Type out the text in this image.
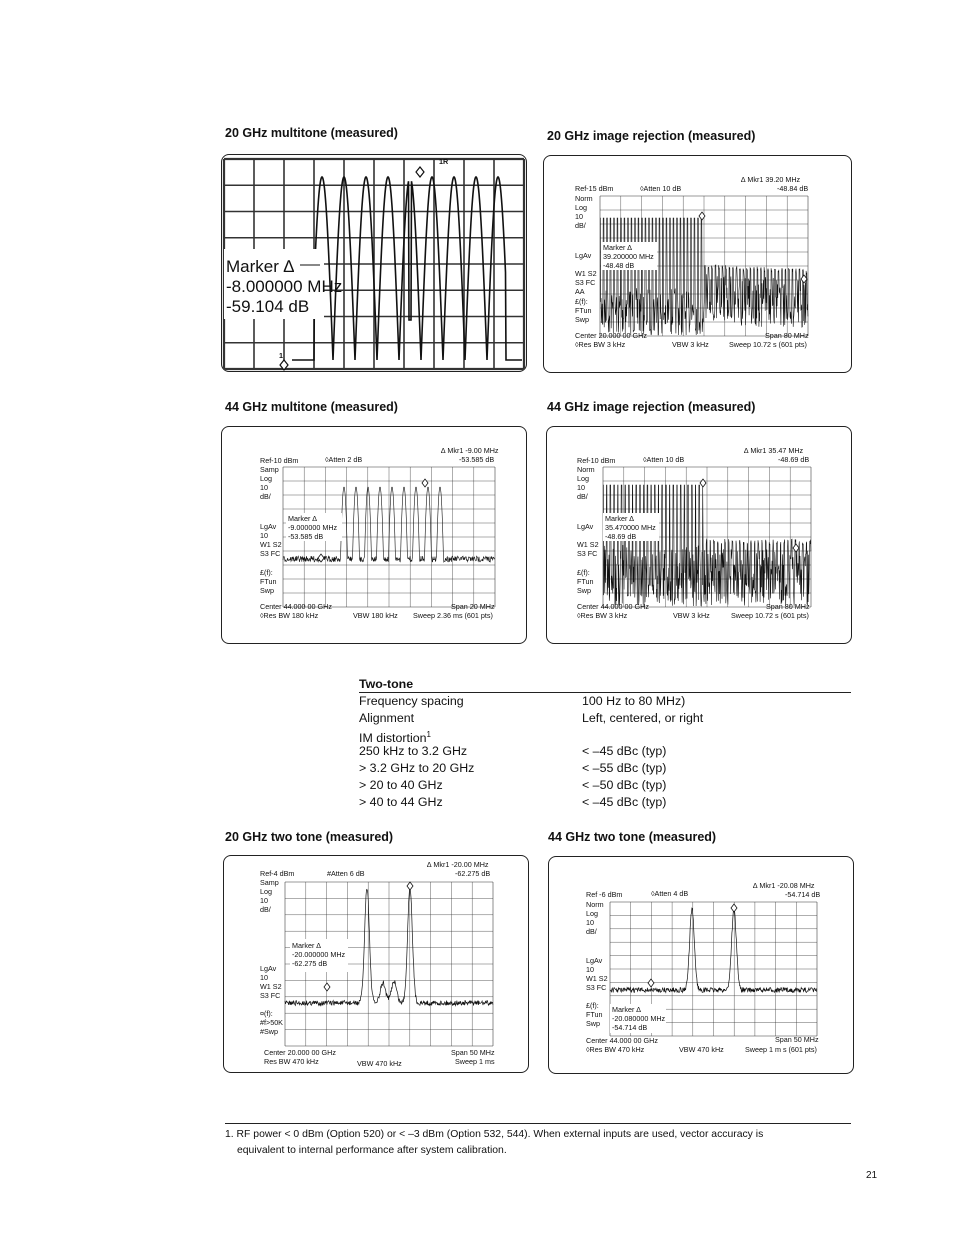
20 GHz multitone (measured)	20 GHz image rejection (measured)
44 GHz multitone (measured)	44 GHz image rejection (measured)
20 GHz two tone (measured)	44 GHz two tone (measured)
Marker ∆
-8.000000 MHz
-59.104 dB
1R
1
∆ Mkr1 39.20 MHz
-48.84 dB
Ref-15 dBm	◊Atten 10 dB
Norm
Log
10
dB/
LgAv
W1 S2
S3 FC
AA
£(f):
FTun
Swp
Marker ∆
39.200000 MHz
-48.48 dB
Center 20.000 00 GHz	Span 80 MHz
◊Res BW 3 kHz	VBW 3 kHz	Sweep 10.72 s (601 pts)
∆ Mkr1 -9.00 MHz
-53.585 dB
Ref-10 dBm	◊Atten 2 dB
Samp
Log
10
dB/
LgAv
10
W1 S2
S3 FC
£(f):
FTun
Swp
Marker ∆
-9.000000 MHz
-53.585 dB
Center 44.000 00 GHz	Span 20 MHz
◊Res BW 180 kHz	VBW 180 kHz Sweep 2.36 ms (601 pts)
∆ Mkr1 35.47 MHz
-48.69 dB
Ref-10 dBm	◊Atten 10 dB
Norm
Log
10
dB/
LgAv
W1 S2
S3 FC
£(f):
FTun
Swp
Marker ∆
35.470000 MHz
-48.69 dB
Center 44.000 00 GHz	Span 80 MHz
◊Res BW 3 kHz	VBW 3 kHz	Sweep 10.72 s (601 pts)
Two-tone
Frequency spacing	100 Hz to 80 MHz)
Alignment	Left, centered, or right
IM distortion$^1$
250 kHz to 3.2 GHz	< –45 dBc (typ)
> 3.2 GHz to 20 GHz	< –55 dBc (typ)
> 20 to 40 GHz	< –50 dBc (typ)
> 40 to 44 GHz	< –45 dBc (typ)
∆ Mkr1 -20.00 MHz
-62.275 dB
Ref-4 dBm	#Atten 6 dB
Samp
Log
10
dB/
LgAv
10
W1 S2
S3 FC
¤(f):
#f>50K
#Swp
Marker ∆
-20.000000 MHz
-62.275 dB
Center 20.000 00 GHz	Span 50 MHz
Res BW 470 kHz	VBW 470 kHz	Sweep 1 ms
∆ Mkr1 -20.08 MHz
-54.714 dB
Ref -6 dBm	◊Atten 4 dB
Norm
Log
10
dB/
LgAv
10
W1 S2
S3 FC
£(f):
FTun
Swp
Marker ∆
-20.080000 MHz
-54.714 dB
Center 44.000 00 GHz	Span 50 MHz
◊Res BW 470 kHz	VBW 470 kHz	Sweep 1 m s (601 pts)
1. RF power < 0 dBm (Option 520) or < –3 dBm (Option 532, 544). When external inputs are used, vector accuracy is
equivalent to internal performance after system calibration.
21
